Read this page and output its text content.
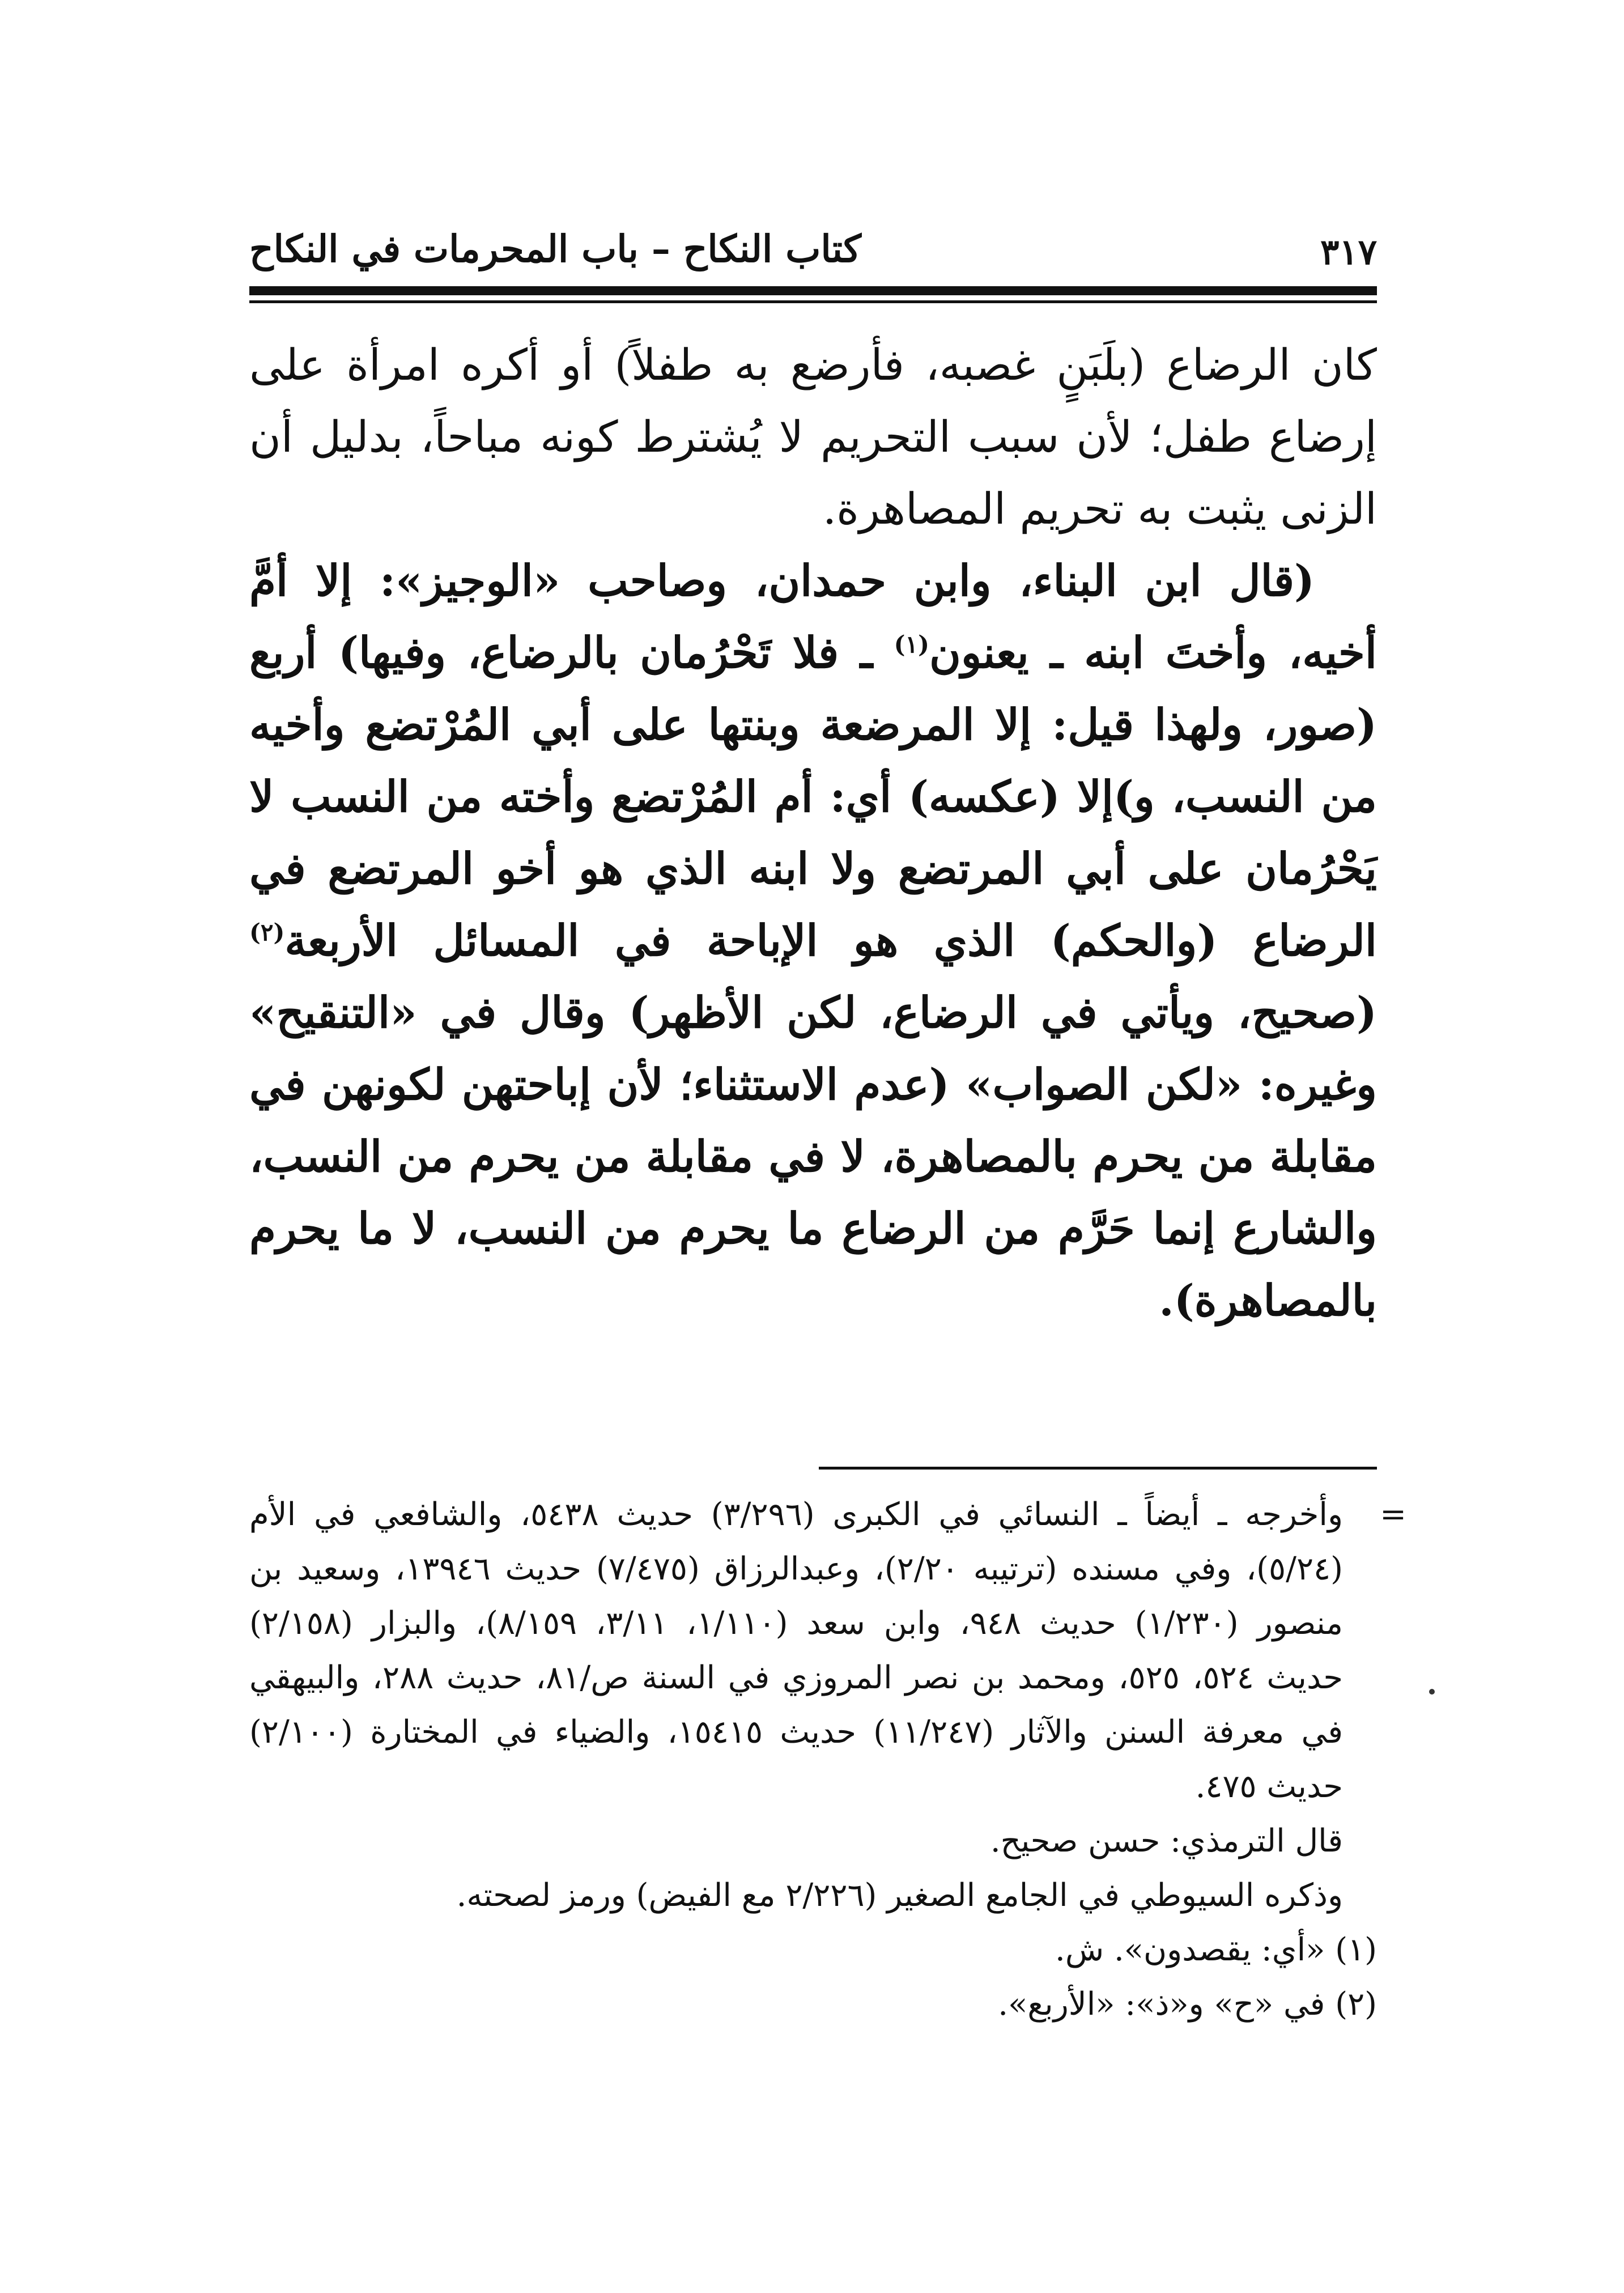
٣١٧
كتاب النكاح – باب المحرمات في النكاح

كان الرضاع (بلَبَنٍ غصبه، فأرضع به طفلاً) أو أكره امرأة على إرضاع طفل؛ لأن سبب التحريم لا يُشترط كونه مباحاً، بدليل أن الزنى يثبت به تحريم المصاهرة.

(قال ابن البناء، وابن حمدان، وصاحب «الوجيز»: إلا أمَّ أخيه، وأختَ ابنه ـ يعنون$^{(١)}$ ـ فلا تَحْرُمان بالرضاع، وفيها) أربع (صور، ولهذا قيل: إلا المرضعة وبنتها على أبي المُرْتضع وأخيه من النسب، و)إلا (عكسه) أي: أم المُرْتضع وأخته من النسب لا يَحْرُمان على أبي المرتضع ولا ابنه الذي هو أخو المرتضع في الرضاع (والحكم) الذي هو الإباحة في المسائل الأربعة$^{(٢)}$ (صحيح، ويأتي في الرضاع، لكن الأظهر) وقال في «التنقيح» وغيره: «لكن الصواب» (عدم الاستثناء؛ لأن إباحتهن لكونهن في مقابلة من يحرم بالمصاهرة، لا في مقابلة من يحرم من النسب، والشارع إنما حَرَّم من الرضاع ما يحرم من النسب، لا ما يحرم بالمصاهرة).

=
وأخرجه ـ أيضاً ـ النسائي في الكبرى (٣/٢٩٦) حديث ٥٤٣٨، والشافعي في الأم (٥/٢٤)، وفي مسنده (ترتيبه ٢/٢٠)، وعبدالرزاق (٧/٤٧٥) حديث ١٣٩٤٦، وسعيد بن منصور (١/٢٣٠) حديث ٩٤٨، وابن سعد (١/١١٠، ٣/١١، ٨/١٥٩)، والبزار (٢/١٥٨) حديث ٥٢٤، ٥٢٥، ومحمد بن نصر المروزي في السنة ص/٨١، حديث ٢٨٨، والبيهقي في معرفة السنن والآثار (١١/٢٤٧) حديث ١٥٤١٥، والضياء في المختارة (٢/١٠٠) حديث ٤٧٥.

قال الترمذي: حسن صحيح.

وذكره السيوطي في الجامع الصغير (٢/٢٢٦ مع الفيض) ورمز لصحته.

(١) «أي: يقصدون». ش.

(٢) في «ح» و«ذ»: «الأربع».
